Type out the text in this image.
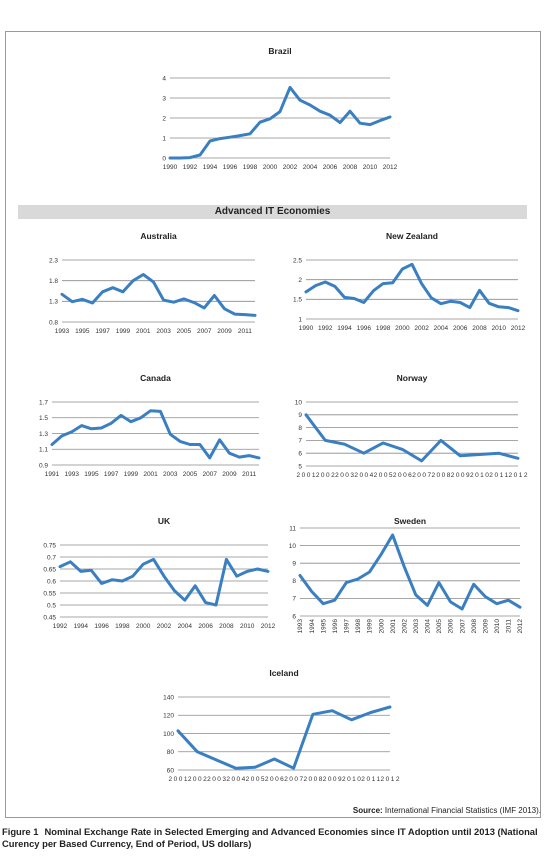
Brazil
0
1
2
3
4
1990 1992 1994 1996 1998 2000 2002 2004 2006 2008 2010 2012
Advanced IT Economies
Australia
0.8
1.3
1.8
2.3
1993 1995 1997 1999 2001 2003 2005 2007 2009 2011
New Zealand
1
1.5
2
2.5
1990 1992 1994 1996 1998 2000 2002 2004 2006 2008 2010 2012
Canada
0.9
1.1
1.3
1.5
1.7
1991 1993 1995 1997 1999 2001 2003 2005 2007 2009 2011
Norway
5
6
7
8
9
10
2001 2002 2003 2004 2005 2006 2007 2008 2009 2010 2011 2012
UK
0.45
0.5
0.55
0.6
0.65
0.7
0.75
1992 1994 1996 1998 2000 2002 2004 2006 2008 2010 2012
Sweden
6
7
8
9
10
11
1993 1994 1995 1996 1997 1998 1999 2000 2001 2002 2003 2004 2005 2006 2007 2008 2009 2010 2011 2012
Iceland
60
80
100
120
140
2001 2002 2003 2004 2005 2006 2007 2008 2009 2010 2011 2012
Source: International Financial Statistics (IMF 2013).
Figure 1 Nominal Exchange Rate in Selected Emerging and Advanced Economies since IT Adoption until 2013 (National Curency per Based Currency, End of Period, US dollars)
